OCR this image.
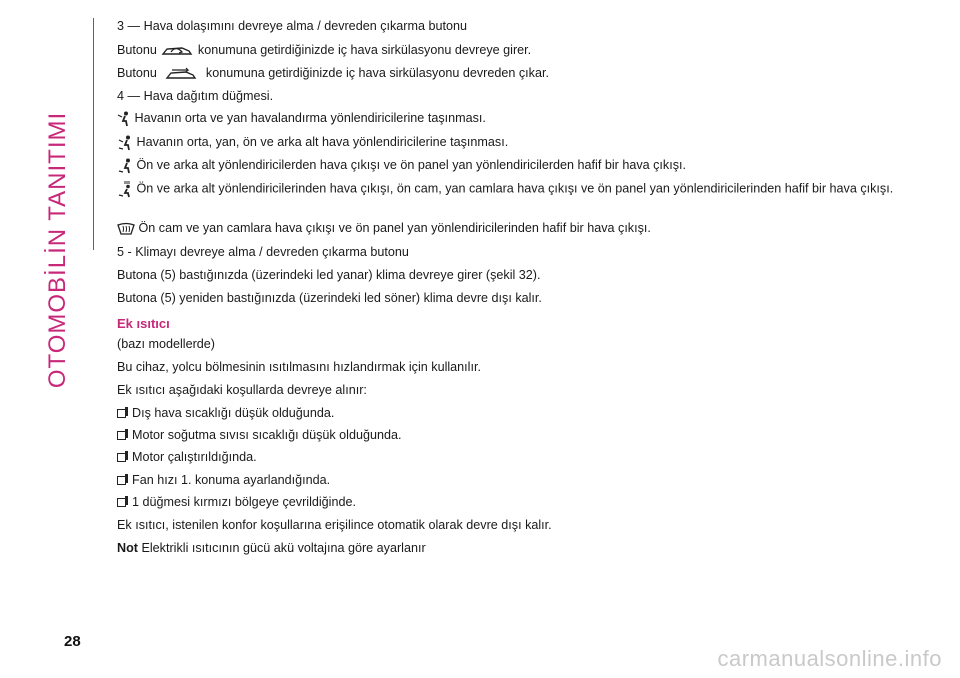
OTOMOBİLİN TANITIMI
3 — Hava dolaşımını devreye alma / devreden çıkarma butonu
Butonu	konumuna getirdiğinizde iç hava sirkülasyonu devreye girer.
Butonu	konumuna getirdiğinizde iç hava sirkülasyonu devreden çıkar.
4 — Hava dağıtım düğmesi.
Havanın orta ve yan havalandırma yönlendiricilerine taşınması.
Havanın orta, yan, ön ve arka alt hava yönlendiricilerine taşınması.
Ön ve arka alt yönlendiricilerden hava çıkışı ve ön panel yan yönlendiricilerden hafif bir hava çıkışı.
Ön ve arka alt yönlendiricilerinden hava çıkışı, ön cam, yan camlara hava çıkışı ve ön panel yan yönlendiricilerinden hafif bir hava çıkışı.
Ön cam ve yan camlara hava çıkışı ve ön panel yan yönlendiricilerinden hafif bir hava çıkışı.
5 - Klimayı devreye alma / devreden çıkarma butonu
Butona (5) bastığınızda (üzerindeki led yanar) klima devreye girer (şekil 32).
Butona (5) yeniden bastığınızda (üzerindeki led söner) klima devre dışı kalır.
Ek ısıtıcı
(bazı modellerde)
Bu cihaz, yolcu bölmesinin ısıtılmasını hızlandırmak için kullanılır.
Ek ısıtıcı aşağıdaki koşullarda devreye alınır:
Dış hava sıcaklığı düşük olduğunda.
Motor soğutma sıvısı sıcaklığı düşük olduğunda.
Motor çalıştırıldığında.
Fan hızı 1. konuma ayarlandığında.
1 düğmesi kırmızı bölgeye çevrildiğinde.
Ek ısıtıcı, istenilen konfor koşullarına erişilince otomatik olarak devre dışı kalır.
Not Elektrikli ısıtıcının gücü akü voltajına göre ayarlanır
28
carmanualsonline.info
